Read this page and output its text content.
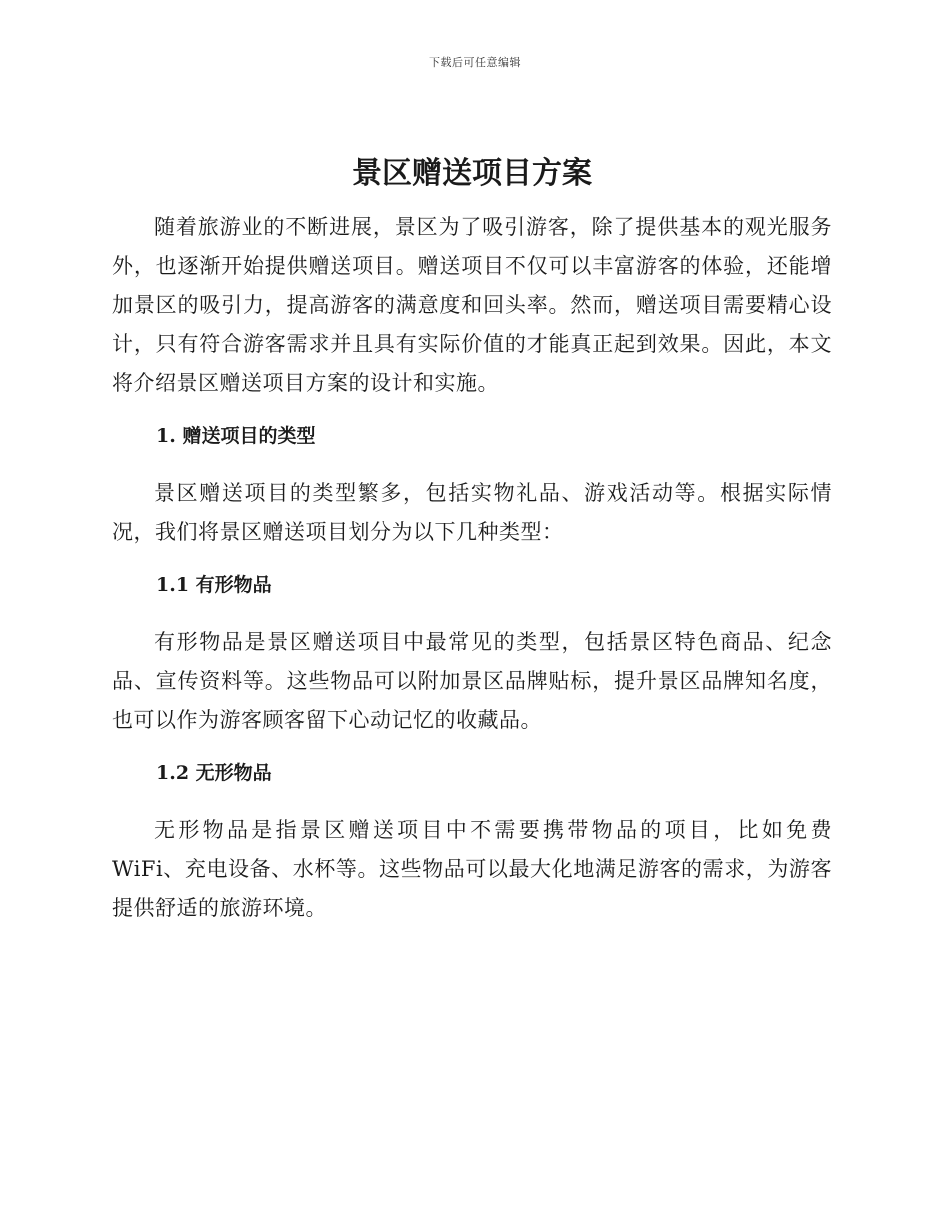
下载后可任意编辑
景区赠送项目方案

随着旅游业的不断进展，景区为了吸引游客，除了提供基本的观光服务外，也逐渐开始提供赠送项目。赠送项目不仅可以丰富游客的体验，还能增加景区的吸引力，提高游客的满意度和回头率。然而，赠送项目需要精心设计，只有符合游客需求并且具有实际价值的才能真正起到效果。因此，本文将介绍景区赠送项目方案的设计和实施。

1. 赠送项目的类型

景区赠送项目的类型繁多，包括实物礼品、游戏活动等。根据实际情况，我们将景区赠送项目划分为以下几种类型：

1.1 有形物品

有形物品是景区赠送项目中最常见的类型，包括景区特色商品、纪念品、宣传资料等。这些物品可以附加景区品牌贴标，提升景区品牌知名度，也可以作为游客顾客留下心动记忆的收藏品。

1.2 无形物品

无形物品是指景区赠送项目中不需要携带物品的项目，比如免费 WiFi、充电设备、水杯等。这些物品可以最大化地满足游客的需求，为游客提供舒适的旅游环境。
